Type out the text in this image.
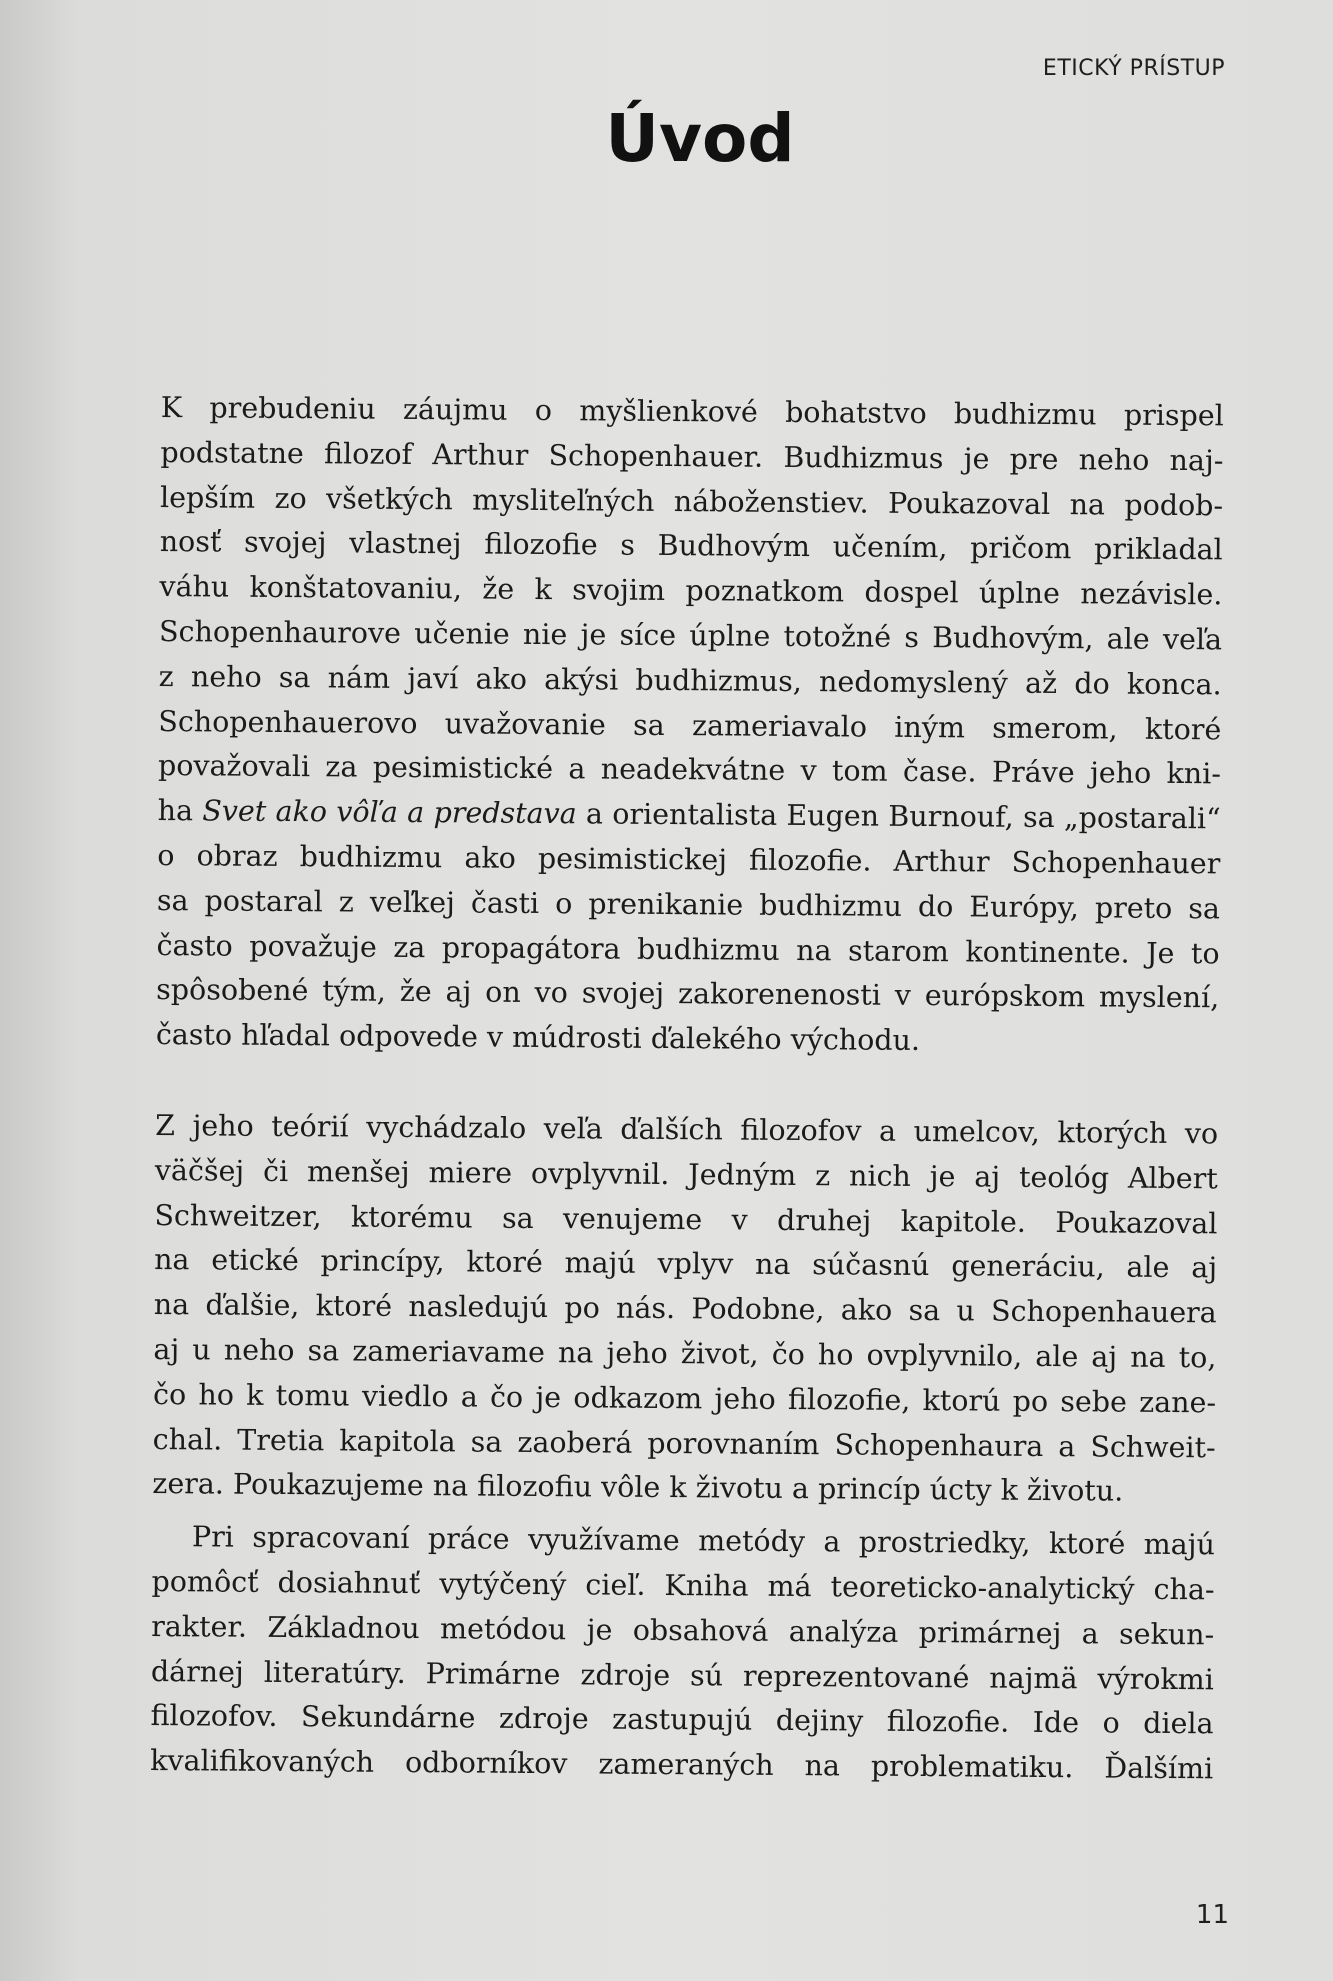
ETICKÝ PRÍSTUP
Úvod
K prebudeniu záujmu o myšlienkové bohatstvo budhizmu prispel
podstatne filozof Arthur Schopenhauer. Budhizmus je pre neho naj-
lepším zo všetkých mysliteľných náboženstiev. Poukazoval na podob-
nosť svojej vlastnej filozofie s Budhovým učením, pričom prikladal
váhu konštatovaniu, že k svojim poznatkom dospel úplne nezávisle.
Schopenhaurove učenie nie je síce úplne totožné s Budhovým, ale veľa
z neho sa nám javí ako akýsi budhizmus, nedomyslený až do konca.
Schopenhauerovo uvažovanie sa zameriavalo iným smerom, ktoré
považovali za pesimistické a neadekvátne v tom čase. Práve jeho kni-
ha Svet ako vôľa a predstava a orientalista Eugen Burnouf, sa „postarali“
o obraz budhizmu ako pesimistickej filozofie. Arthur Schopenhauer
sa postaral z veľkej časti o prenikanie budhizmu do Európy, preto sa
často považuje za propagátora budhizmu na starom kontinente. Je to
spôsobené tým, že aj on vo svojej zakorenenosti v európskom myslení,
často hľadal odpovede v múdrosti ďalekého východu.
Z jeho teórií vychádzalo veľa ďalších filozofov a umelcov, ktorých vo
väčšej či menšej miere ovplyvnil. Jedným z nich je aj teológ Albert
Schweitzer, ktorému sa venujeme v druhej kapitole. Poukazoval
na etické princípy, ktoré majú vplyv na súčasnú generáciu, ale aj
na ďalšie, ktoré nasledujú po nás. Podobne, ako sa u Schopenhauera
aj u neho sa zameriavame na jeho život, čo ho ovplyvnilo, ale aj na to,
čo ho k tomu viedlo a čo je odkazom jeho filozofie, ktorú po sebe zane-
chal. Tretia kapitola sa zaoberá porovnaním Schopenhaura a Schweit-
zera. Poukazujeme na filozofiu vôle k životu a princíp úcty k životu.
Pri spracovaní práce využívame metódy a prostriedky, ktoré majú
pomôcť dosiahnuť vytýčený cieľ. Kniha má teoreticko-analytický cha-
rakter. Základnou metódou je obsahová analýza primárnej a sekun-
dárnej literatúry. Primárne zdroje sú reprezentované najmä výrokmi
filozofov. Sekundárne zdroje zastupujú dejiny filozofie. Ide o diela
kvalifikovaných odborníkov zameraných na problematiku. Ďalšími
11
